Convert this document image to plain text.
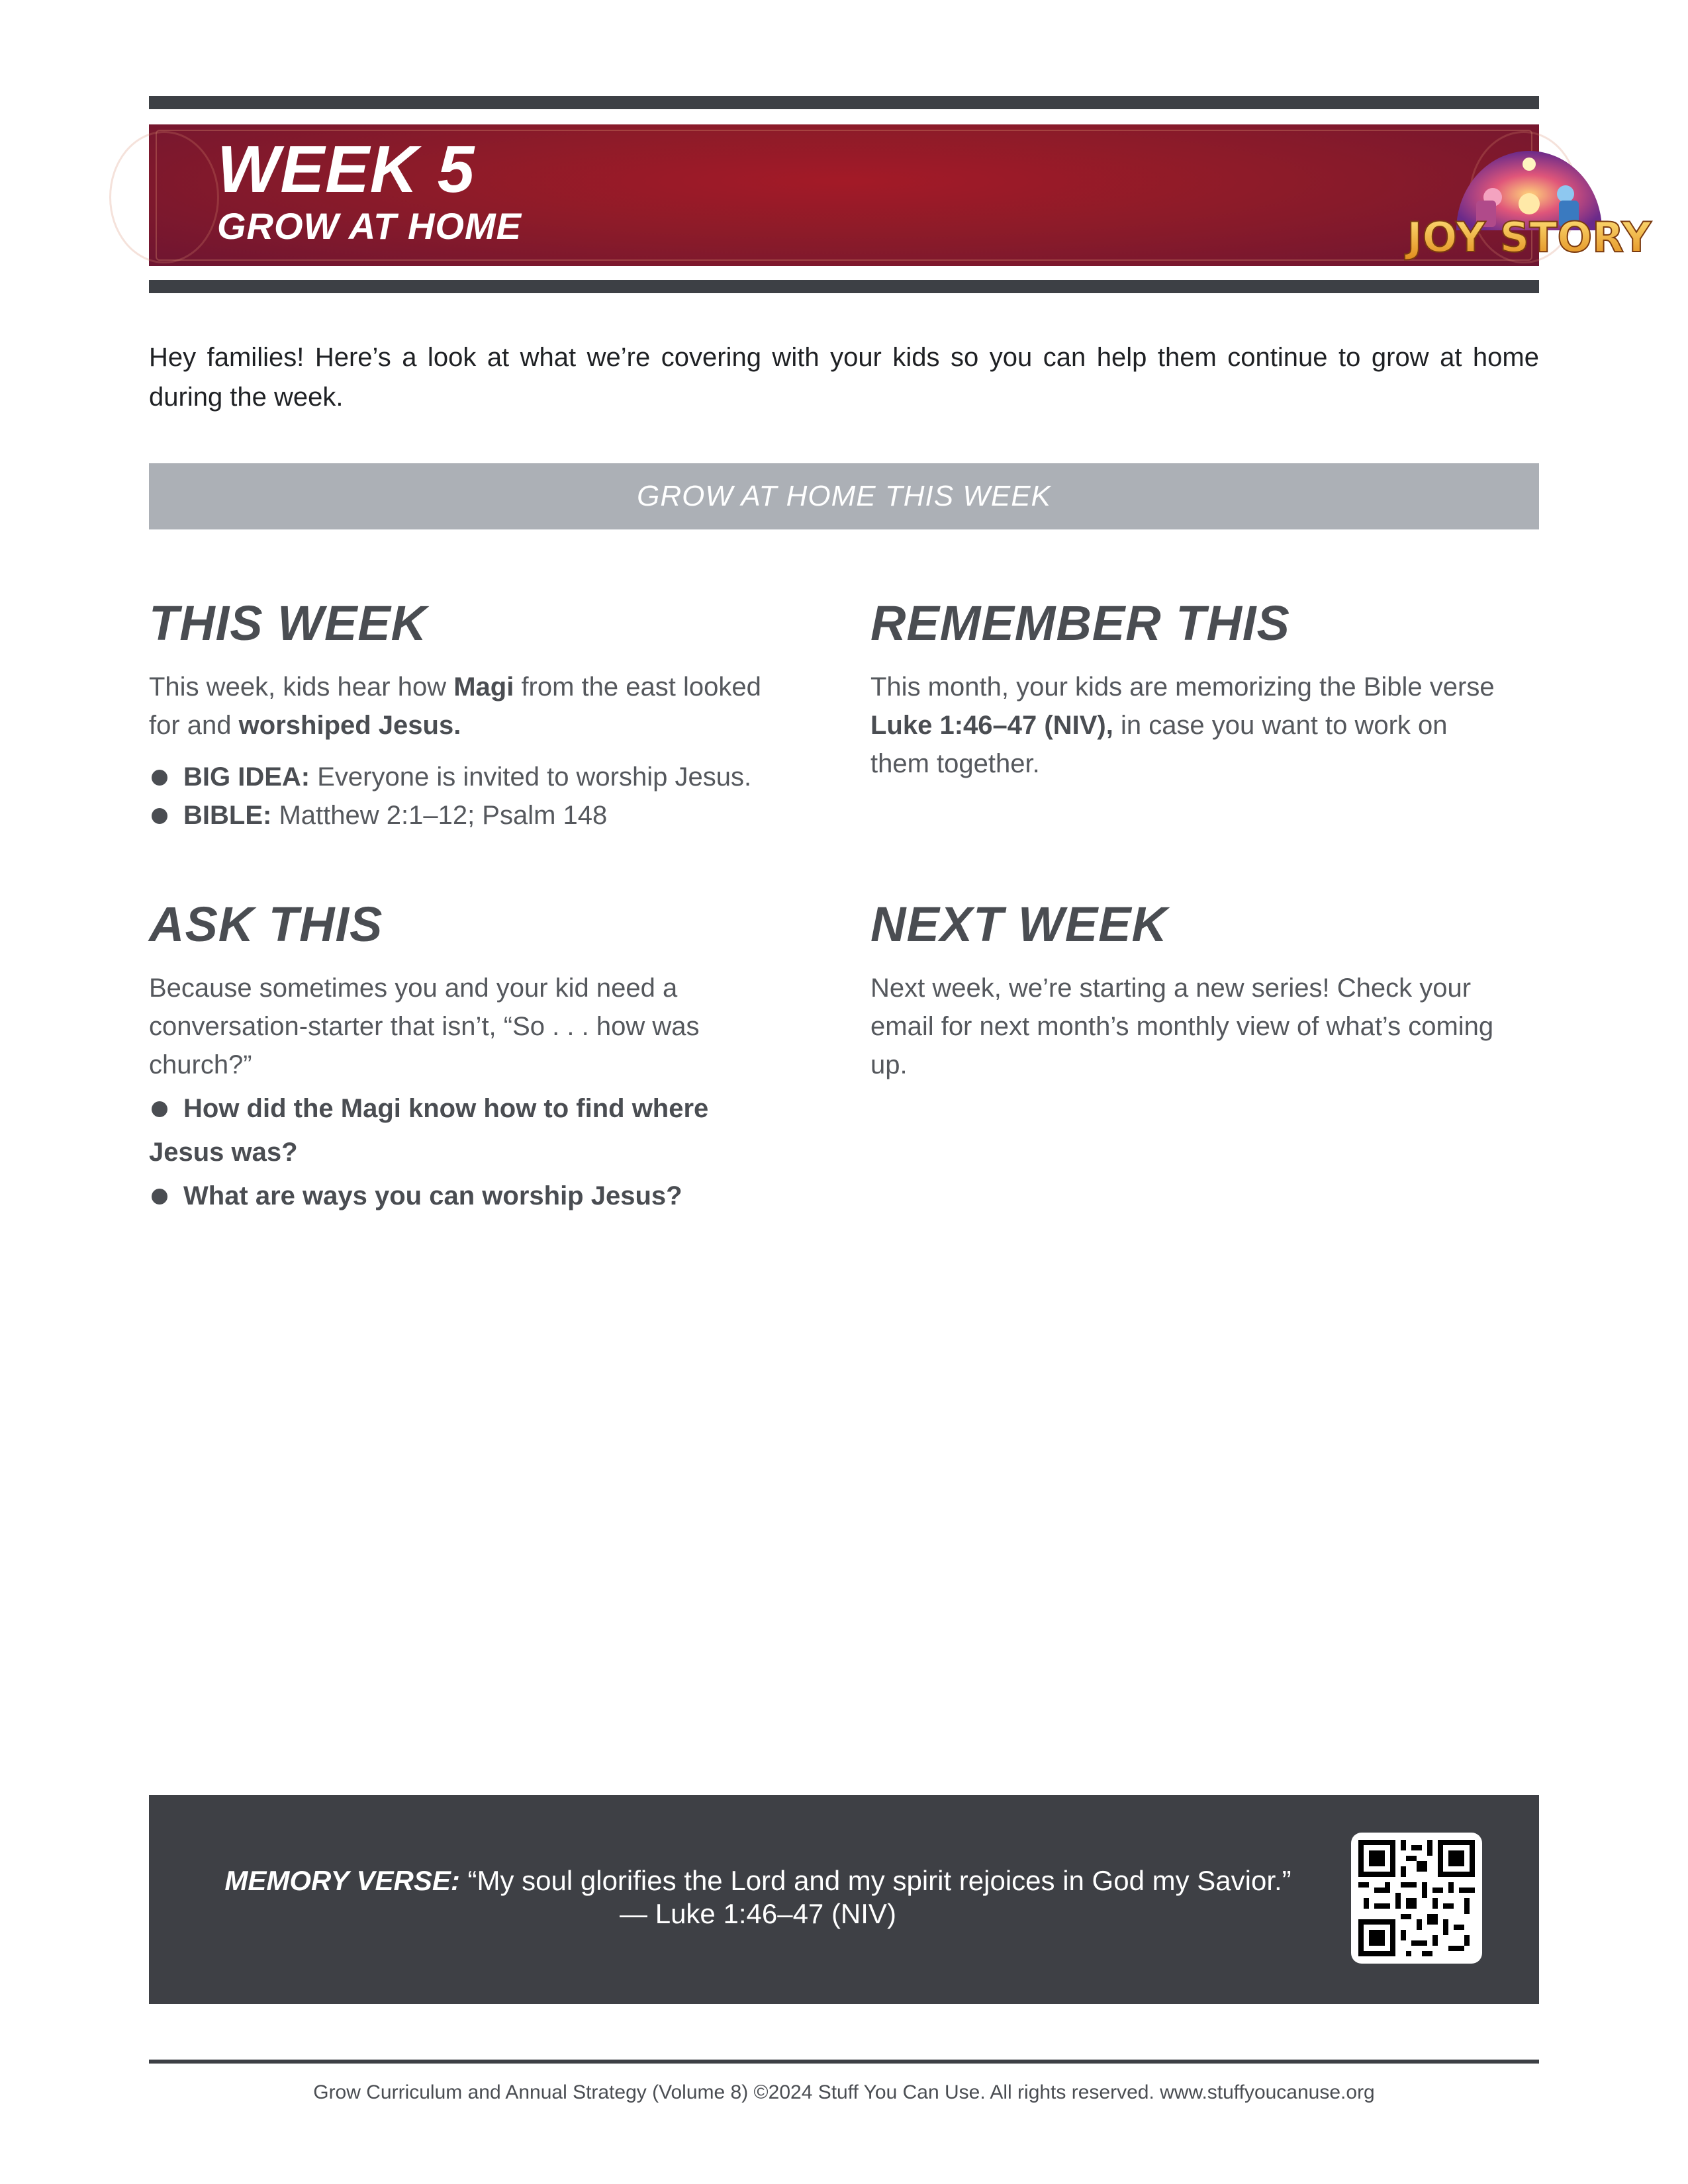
WEEK 5
GROW AT HOME	JOY STORY

Hey families! Here’s a look at what we’re covering with your kids so you can help them continue to grow at home during the week.

GROW AT HOME THIS WEEK
THIS WEEK

This week, kids hear how Magi from the east looked for and worshiped Jesus.

BIG IDEA: Everyone is invited to worship Jesus.
BIBLE: Matthew 2:1–12; Psalm 148
REMEMBER THIS

This month, your kids are memorizing the Bible verse Luke 1:46–47 (NIV), in case you want to work on them together.

ASK THIS

Because sometimes you and your kid need a conversation-starter that isn’t, “So . . . how was church?”

How did the Magi know how to find where Jesus was?
What are ways you can worship Jesus?
NEXT WEEK

Next week, we’re starting a new series! Check your email for next month’s monthly view of what’s coming up.

MEMORY VERSE: “My soul glorifies the Lord and my spirit rejoices in God my Savior.”
— Luke 1:46–47 (NIV)
Grow Curriculum and Annual Strategy (Volume 8) ©2024 Stuff You Can Use. All rights reserved. www.stuffyoucanuse.org
